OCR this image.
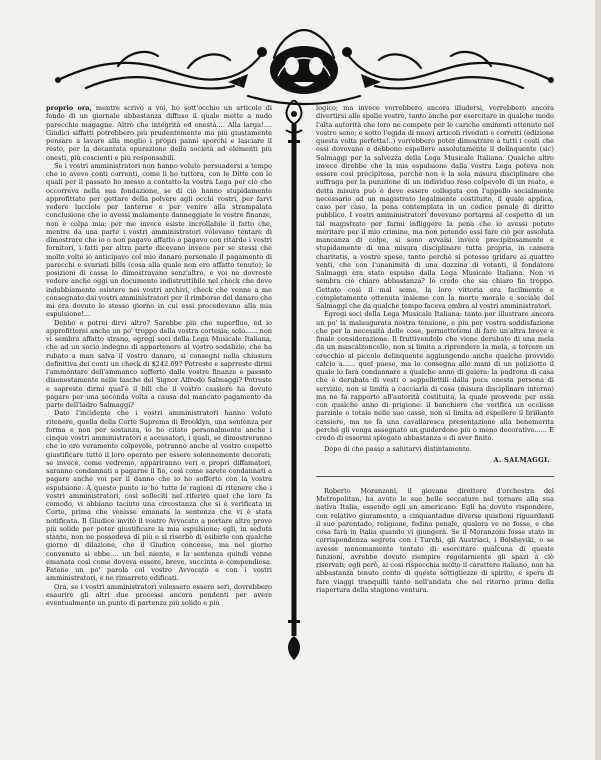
proprio ora, mentre scrivo a voi, ho sott'occhio un articolo di fondo di un giornale abbastanza diffuso il quale mette a nudo parecchie magagne. Altro che integrità ed onestà.... Alla larga!.... Giudici siffatti potrebbero più prudentemente ma più giustamente pensare a lavare alla meglio i propri panni sporchi e lasciare il resto, per la decantata epurazione della società ad elementi più onesti, più coscienti e più responsabili.

Se i vostri amministratori non hanno voluto persuadersi a tempo che io avevo conti correnti, come li ho tuttora, con le Ditte con le quali per il passato ho messo a contatto la vostra Lega per ciò che occorreva nella sua fondazione, se di ciò hanno stupidamente approfittato per gettare della polvere agli occhi vostri, per farvi vedere lucciole per lanterne e per venire alla strampalata conclusione che io avessi malamente danneggiate le vostre finanze, non è colpa mia; per me invece esiste incrollabile il fatto che, mentre da una parte i vostri amministratori volevano tentare di dimostrare che io o non pagavo affatto o pagavo con ritardo i vostri fornitori, i fatti per altra parte dicevano invece per se stessi che molte volte io anticipavo col mio danaro personale il pagamento di parecchi e svariati bills (cosa alla quale non ero affatto tenuto); le posizioni di cassa lo dimostravano senz'altro, e voi ne dovreste vedere anche oggi un documento indistruttibile nel check che deve indubbiamente esistere nei vostri archivi, check che venne a me consegnato dai vostri amministratori per il rimborso del danaro che mi era dovuto lo stesso giorno in cui essi procedevano alla mia espulsione!...

Debbo e potrei dirvi altro? Sarebbe più che superfluo, ed io approfitterei anche un po' troppo della vostra cortesia; solo...... non vi sembra affatto strano, egregi soci della Lega Musicale Italiana, che ad un socio indegno di appartenere al vostro sodalizio, che ha rubato a man salva il vostro danaro, si consegni nella chiusura definitiva dei conti un check di $242.69? Potreste e saprreste dirmi l'ammontare dell'ammanco sofferto dalle vostre finanze e passato disonestamente nelle tasche del Signor Alfredo Salmaggi? Potreste e sapreste dirmi qual'è il bill che il vostro cassiere ha dovuto pagare per una seconda volta a causa del mancato pagamento da parte dell'ladro Salmaggi?

Dato l'incidente che i vostri amministratori hanno voluto ritenere, quella della Corte Suprema di Brooklyn, una sentenza per forma e non per sostanza, io ho citato personalmente anche i cinque vostri amministratori e accusatori, i quali, se dimostreranno che io ero veramente colpevole, potranno anche al vostro cospetto giustificare tutto il loro operato per essere solennemente decorati; se invece, come vedremo, appariranno veri e propri diffamatori, saranno condannati a pagarne il fio, così come sarete condannati a pagare anche voi per il danno che io ho sofferto con la vostra espulsione. A questo punto io ho tutte le ragioni di ritenere che i vostri amministratori, così solleciti nel riferire quel che loro fa comodo, vi abbiano taciuto una circostanza che si è verificata in Corte, prima che venisse emanata la sentenza che vi è stata notificata. Il Giudice invitò il vostro Avvocato a portare altre prove più solide per poter giustificare la mia espulsione; egli, in seduta stante, non ne possedeva di più e si riserbò di esibirle con qualche giorno di dilazione, che il Giudice concesse, ma nel giorno convenuto si ebbe.... un bel niente, e la sentenza quindi venne emanata così come doveva essere, breve, succinta e compendiosa. Fatene un po' parola col vostro Avvocato e con i vostri amministratori, e ne rimarrete edificati.

Ora, se i vostri amministratori volessero essere seri, dovrebbero esaurire gli altri due processi ancora pendenti per avere eventualmente un punto di partenza più solido e più

logico; ma invece vorrebbero ancora illudersi, vorrebbero ancora divertirsi alle spalle vostre, tanto anche per esercitare in qualche modo l'alta autorità che loro ne compete per le cariche eminenti ottenute nel vostro seno; e sotto l'egida di nuovi articoli riveduti e corretti (edizione questa volta perfetta!..) vorrebbero poter dimostrare a tutti i costi che essi dovevano e debbono espellere assolutamente il delinquente (sic) Salmaggi per la salvezza della Lega Musicale Italiana. Qualche altro invece direbbe che la mia espulsione dalla vostra Lega poteva non essere così precipitosa, perchè non è la sola misura disciplinare che suffraga per la punizione di un individuo reso colpevole di un reato, e detta misura può e deve essere collegata con l'appello socialmente necessario ad un magistrato legalmente costituito, il quale applica, caso per caso, la pena contemplata in un codice penale di diritto pubblico. I vostri amministratori dovevano portarmi al cospetto di un tal magistrato per farmi infliggere la pena che io avessi potuto meritare per il mio crimine, ma non potendo essi fare ciò per assoluta mancanza di colpe, si sono avvalsi invece precipitosamente e stupidamente di una misura disciplinare tutta propria, in camera charitatis, a vostre spese, tanto perchè si potesse gridare ai quattro venti, che con l'unanimità di una dozzina di votanti, il fondatore Salmaggi era stato espulso dalla Lega Musicale Italiana. Non vi sembra ciò chiaro abbastanza? Io credo che sia chiaro fin troppo. Gettato così il mal seme, la loro vittoria era facilmente e completamente ottenuta insieme con la morte morale e sociale del Salmaggi che da qualche tempo faceva ombra al vostri amministratori.

Egregi soci della Lega Musicale Italiana: tanto per illustrare ancora un po' la malaugurata nostra tensione, e più per vostra soddisfazione che per la necessità delle cose, permettetemi di fare un'altra breve e finale considerazione. Il fruttivendolo che viene derubato di una mela da un mascalzoncello, non si limita a riprendere la mela, a torcere un orecchio al piccolo delinquente aggiungendo anche qualche provvido calcio a...... quel paese, ma lo consegna alle mani di un poliziotto il quale lo farà condannare a qualche anno di galera: la padrona di casa che è derubata di vesti o seppellettili dalla poca onesta persona di servizio, non si limita a cacciarla di casa (misura disciplinare interna) ma ne fa rapporto all'autorità costituita, la quale provvede per essa con qualche anno di prigione: il banchiere che verifica un ecclisse parziale o totale nelle sue casse, non si limita ad espellere il brillante cassiere, ma ne fa una cavallaresca presentazione alla benemerita perchè gli venga assegnato un guiderdone più o meno decorativo...... E credo di essermi spiegato abbastanza e di aver finito.

Dopo di che passo a salutarvi distintamente.

A. SALMAGGI.

Roberto Moranzoni, il giovane direttore d'orchestra del Metropolitan, ha avuto le sue belle seccature nel tornare alla sua nativa Italia, essendo egli un americano. Egli ha dovuto rispondere, con relativo giuramento, a cinquantadue diverse quistioni riguardanti il suo parentado, religione, fedina penale, qualora ve ne fosse, e che cosa farà in Italia quando vi giungerà. Se il Moranzoni fosse stato in corrispondenza segreta con i Turchi, gli Austriaci, i Bolsheviki, o se avesse menomamente tentato di esercitare qualcuna di queste funzioni, avrebbe dovuto riempire regolarmente gli spazi a ciò riservati; egli però, ai così rispecchia molto il carattere italiano, non ha abbastanza tenuto conto di queste sottigliezze di spirito, e spera di fare viaggi tranquilli tanto nell'andata che nel ritorno prima della riapertura della stagione ventura.
